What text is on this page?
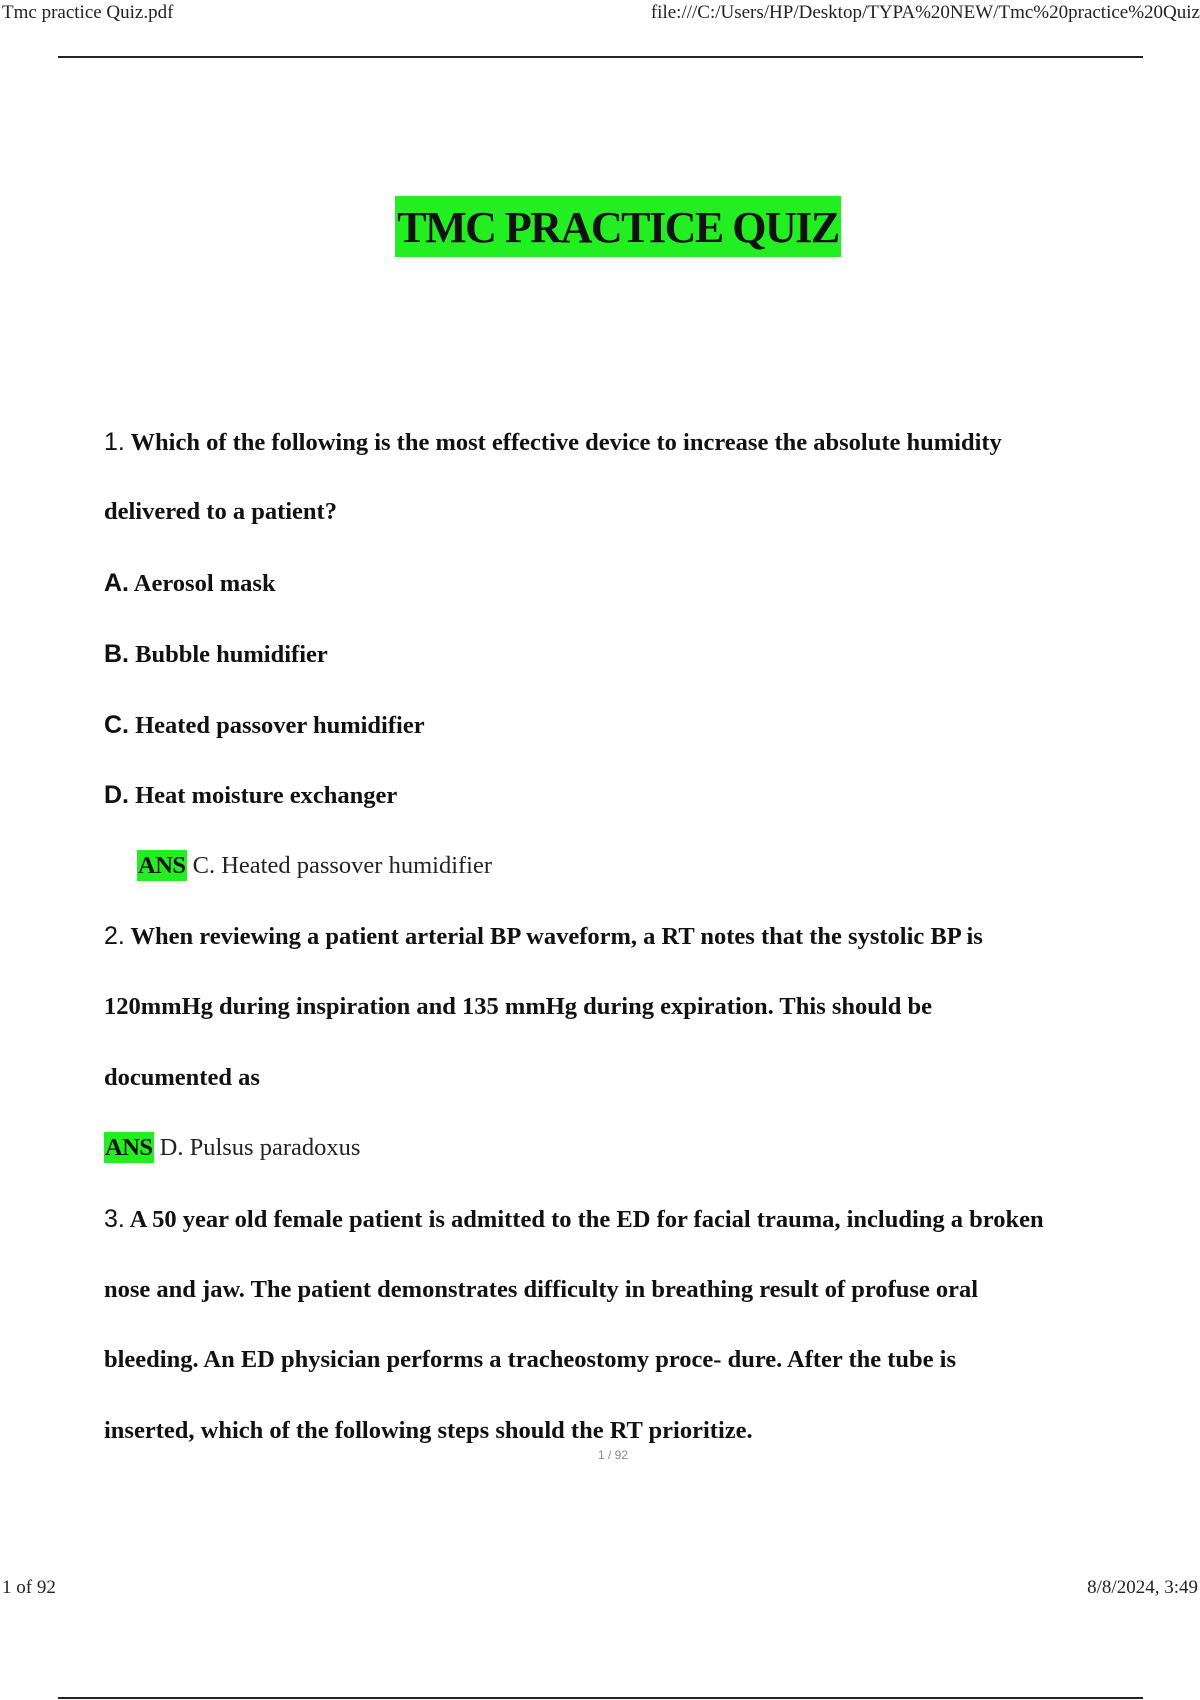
Tmc practice Quiz.pdf	file:///C:/Users/HP/Desktop/TYPA%20NEW/Tmc%20practice%20Quiz
TMC PRACTICE QUIZ
1. Which of the following is the most effective device to increase the absolute humidity
delivered to a patient?
A. Aerosol mask
B. Bubble humidifier
C. Heated passover humidifier
D. Heat moisture exchanger
ANS C. Heated passover humidifier
2. When reviewing a patient arterial BP waveform, a RT notes that the systolic BP is
120mmHg during inspiration and 135 mmHg during expiration. This should be
documented as
ANS D. Pulsus paradoxus
3. A 50 year old female patient is admitted to the ED for facial trauma, including a broken
nose and jaw. The patient demonstrates difficulty in breathing result of profuse oral
bleeding. An ED physician performs a tracheostomy proce- dure. After the tube is
inserted, which of the following steps should the RT prioritize.
1 / 92
1 of 92	8/8/2024, 3:49
